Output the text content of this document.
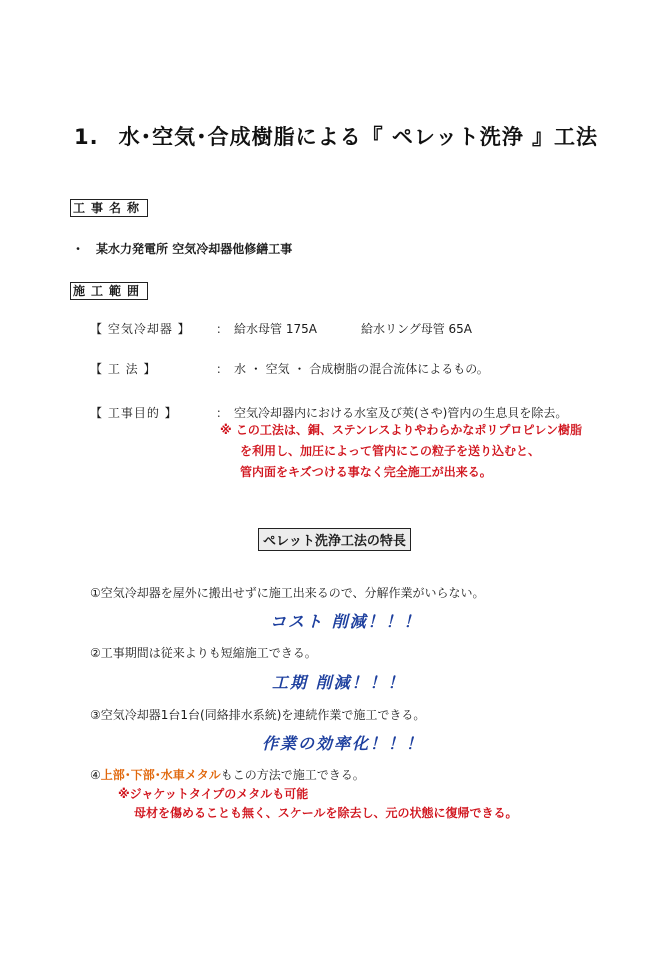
1. 水･空気･合成樹脂による『 ペレット洗浄 』工法
工事名称
・ 某水力発電所 空気冷却器他修繕工事
施工範囲
【 空気冷却器 】 ： 給水母管 175A	給水リング母管 65A
【 工 法 】	： 水 ・ 空気 ・ 合成樹脂の混合流体によるもの。
【 工事目的 】	： 空気冷却器内における水室及び莢(さや)管内の生息貝を除去。
※ この工法は、銅、ステンレスよりやわらかなポリプロピレン樹脂
を利用し、加圧によって管内にこの粒子を送り込むと、
管内面をキズつける事なく完全施工が出来る。
ペレット洗浄工法の特長
①空気冷却器を屋外に搬出せずに施工出来るので、分解作業がいらない。
コスト 削減！！！
②工事期間は従来よりも短縮施工できる。
工期 削減！！！
③空気冷却器1台1台(同絡排水系統)を連続作業で施工できる。
作業の効率化！！！
④上部･下部･水車メタルもこの方法で施工できる。
※ジャケットタイプのメタルも可能
母材を傷めることも無く、スケールを除去し、元の状態に復帰できる。
